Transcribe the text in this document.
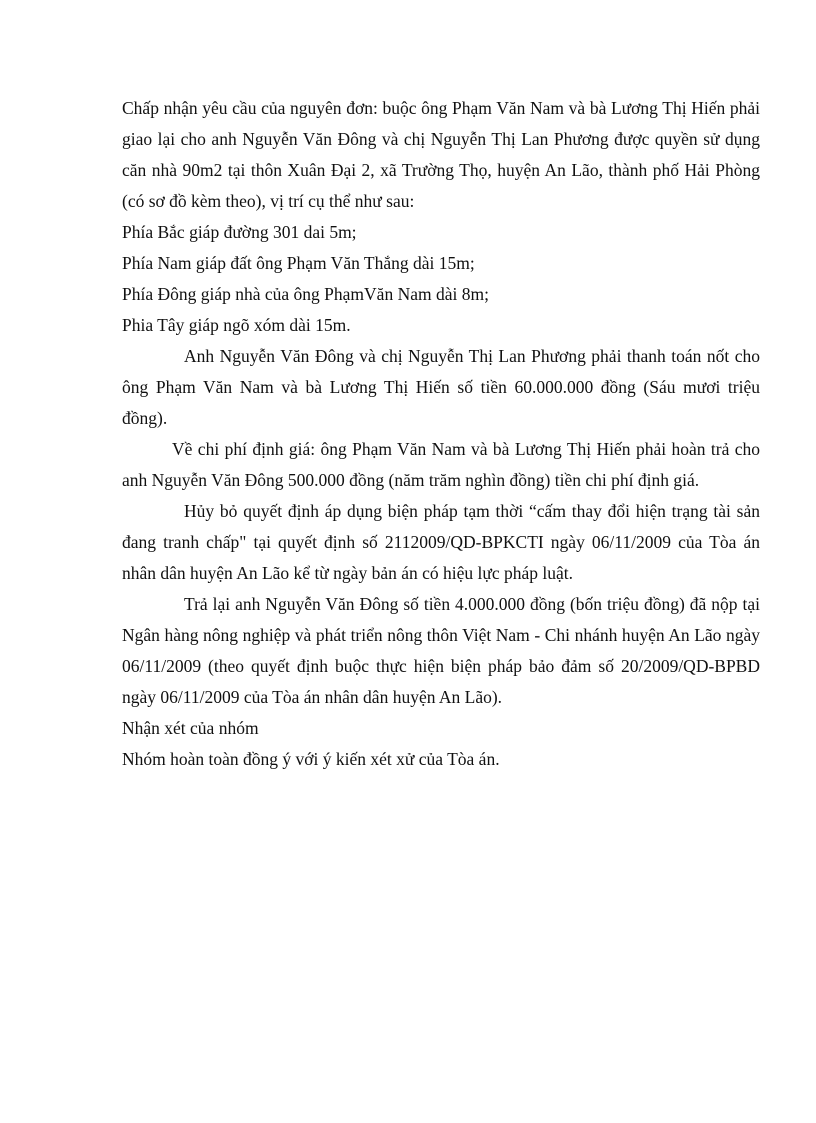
Chấp nhận yêu cầu của nguyên đơn: buộc ông Phạm Văn Nam và bà Lương Thị Hiến phải giao lại cho anh Nguyễn Văn Đông và chị Nguyễn Thị Lan Phương được quyền sử dụng căn nhà 90m2 tại thôn Xuân Đại 2, xã Trường Thọ, huyện An Lão, thành phố Hải Phòng (có sơ đồ kèm theo), vị trí cụ thể như sau:

Phía Bắc giáp đường 301 dai 5m;

Phía Nam giáp đất ông Phạm Văn Thắng dài 15m;

Phía Đông giáp nhà của ông PhạmVăn Nam dài 8m;

Phia Tây giáp ngõ xóm dài 15m.

Anh Nguyễn Văn Đông và chị Nguyễn Thị Lan Phương phải thanh toán nốt cho ông Phạm Văn Nam và bà Lương Thị Hiến số tiền 60.000.000 đồng (Sáu mươi triệu đồng).

Về chi phí định giá: ông Phạm Văn Nam và bà Lương Thị Hiến phải hoàn trả cho anh Nguyễn Văn Đông 500.000 đồng (năm trăm nghìn đồng) tiền chi phí định giá.

Hủy bỏ quyết định áp dụng biện pháp tạm thời “cấm thay đổi hiện trạng tài sản đang tranh chấp" tại quyết định số 2112009/QD-BPKCTI ngày 06/11/2009 của Tòa án nhân dân huyện An Lão kể từ ngày bản án có hiệu lực pháp luật.

Trả lại anh Nguyễn Văn Đông số tiền 4.000.000 đồng (bốn triệu đồng) đã nộp tại Ngân hàng nông nghiệp và phát triển nông thôn Việt Nam - Chi nhánh huyện An Lão ngày 06/11/2009 (theo quyết định buộc thực hiện biện pháp bảo đảm số 20/2009/QD-BPBD ngày 06/11/2009 của Tòa án nhân dân huyện An Lão).

Nhận xét của nhóm

Nhóm hoàn toàn đồng ý với ý kiến xét xử của Tòa án.
